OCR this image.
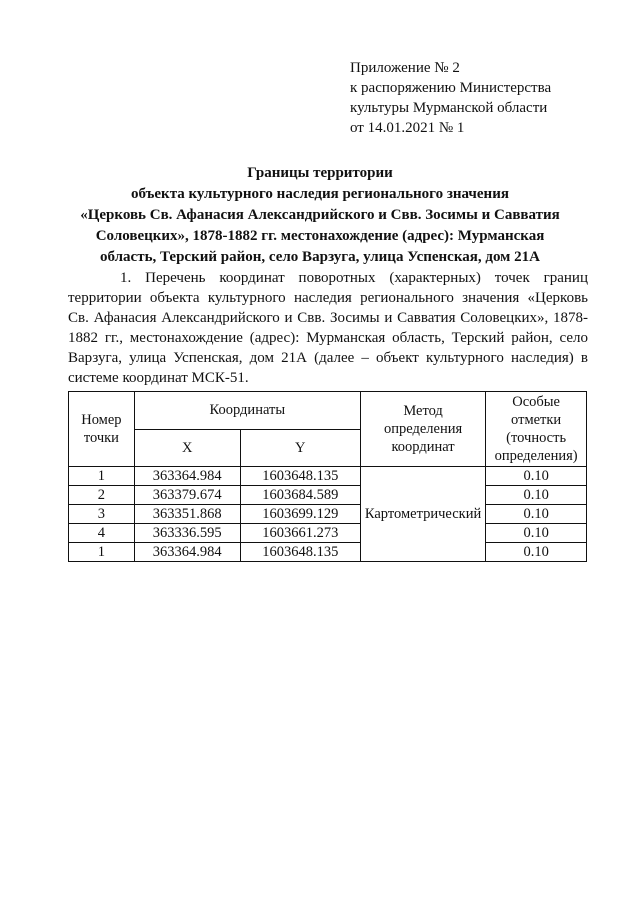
Приложение № 2
к распоряжению Министерства
культуры Мурманской области
от 14.01.2021 № 1
Границы территории
объекта культурного наследия регионального значения
«Церковь Св. Афанасия Александрийского и Свв. Зосимы и Савватия
Соловецких», 1878-1882 гг. местонахождение (адрес): Мурманская
область, Терский район, село Варзуга, улица Успенская, дом 21А
1. Перечень координат поворотных (характерных) точек границ
территории объекта культурного наследия регионального значения «Церковь
Св. Афанасия Александрийского и Свв. Зосимы и Савватия Соловецких», 1878-
1882 гг., местонахождение (адрес): Мурманская область, Терский район, село
Варзуга, улица Успенская, дом 21А (далее – объект культурного наследия) в
системе координат МСК-51.
Номер точки	Координаты		Метод определения координат	Особые отметки (точность определения)
	X	Y		
1	363364.984	1603648.135	Картометрический	0.10
2	363379.674	1603684.589		0.10
3	363351.868	1603699.129		0.10
4	363336.595	1603661.273		0.10
1	363364.984	1603648.135		0.10
